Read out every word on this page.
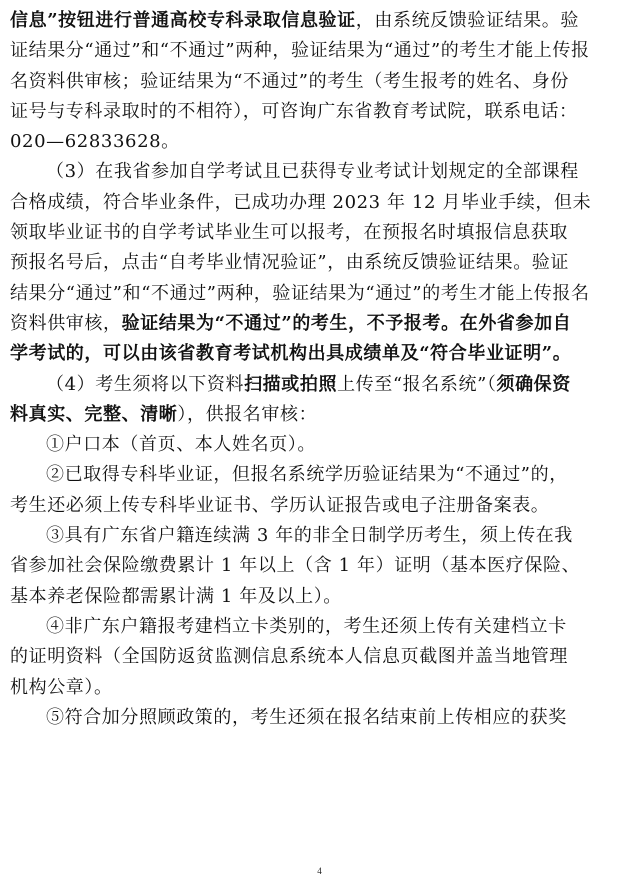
信息”按钮进行普通高校专科录取信息验证，由系统反馈验证结果。验
证结果分“通过”和“不通过”两种，验证结果为“通过”的考生才能上传报
名资料供审核；验证结果为“不通过”的考生（考生报考的姓名、身份
证号与专科录取时的不相符），可咨询广东省教育考试院，联系电话：
020—62833628。
（3）在我省参加自学考试且已获得专业考试计划规定的全部课程
合格成绩，符合毕业条件，已成功办理 2023 年 12 月毕业手续，但未
领取毕业证书的自学考试毕业生可以报考，在预报名时填报信息获取
预报名号后，点击“自考毕业情况验证”，由系统反馈验证结果。验证
结果分“通过”和“不通过”两种，验证结果为“通过”的考生才能上传报名
资料供审核，验证结果为“不通过”的考生，不予报考。在外省参加自
学考试的，可以由该省教育考试机构出具成绩单及“符合毕业证明”。
（4）考生须将以下资料扫描或拍照上传至“报名系统”（须确保资
料真实、完整、清晰），供报名审核：
①户口本（首页、本人姓名页）。
②已取得专科毕业证，但报名系统学历验证结果为“不通过”的，
考生还必须上传专科毕业证书、学历认证报告或电子注册备案表。
③具有广东省户籍连续满 3 年的非全日制学历考生，须上传在我
省参加社会保险缴费累计 1 年以上（含 1 年）证明（基本医疗保险、
基本养老保险都需累计满 1 年及以上）。
④非广东户籍报考建档立卡类别的，考生还须上传有关建档立卡
的证明资料（全国防返贫监测信息系统本人信息页截图并盖当地管理
机构公章）。
⑤符合加分照顾政策的，考生还须在报名结束前上传相应的获奖
4
